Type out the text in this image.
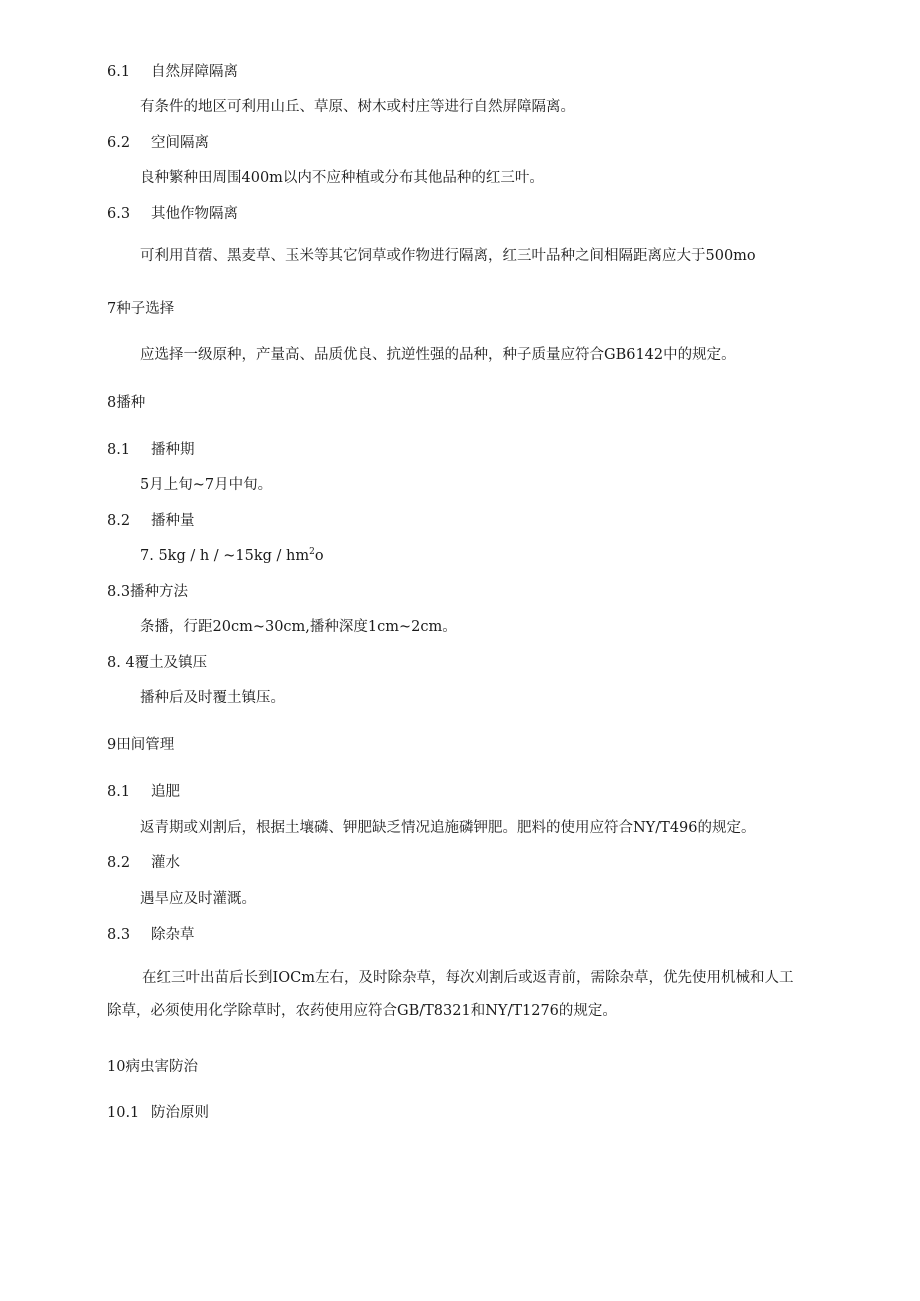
6.1 自然屏障隔离
有条件的地区可利用山丘、草原、树木或村庄等进行自然屏障隔离。
6.2 空间隔离
良种繁种田周围400m以内不应种植或分布其他品种的红三叶。
6.3 其他作物隔离
可利用苜蓿、黑麦草、玉米等其它饲草或作物进行隔离，红三叶品种之间相隔距离应大于500mo
7种子选择
应选择一级原种，产量高、品质优良、抗逆性强的品种，种子质量应符合GB6142中的规定。
8播种
8.1 播种期
5月上旬~7月中旬。
8.2 播种量
7. 5kg / h / ~15kg / $hm^2o$
8.3播种方法
条播，行距20cm~30cm,播种深度1cm~2cm。
8. 4覆土及镇压
播种后及时覆土镇压。
9田间管理
8.1 追肥
返青期或刈割后，根据土壤磷、钾肥缺乏情况追施磷钾肥。肥料的使用应符合NY/T496的规定。
8.2 灌水
遇旱应及时灌溉。
8.3 除杂草
在红三叶出苗后长到IOCm左右，及时除杂草，每次刈割后或返青前，需除杂草，优先使用机械和人工除草，必须使用化学除草时，农药使用应符合GB/T8321和NY/T1276的规定。
10病虫害防治
10.1 防治原则
